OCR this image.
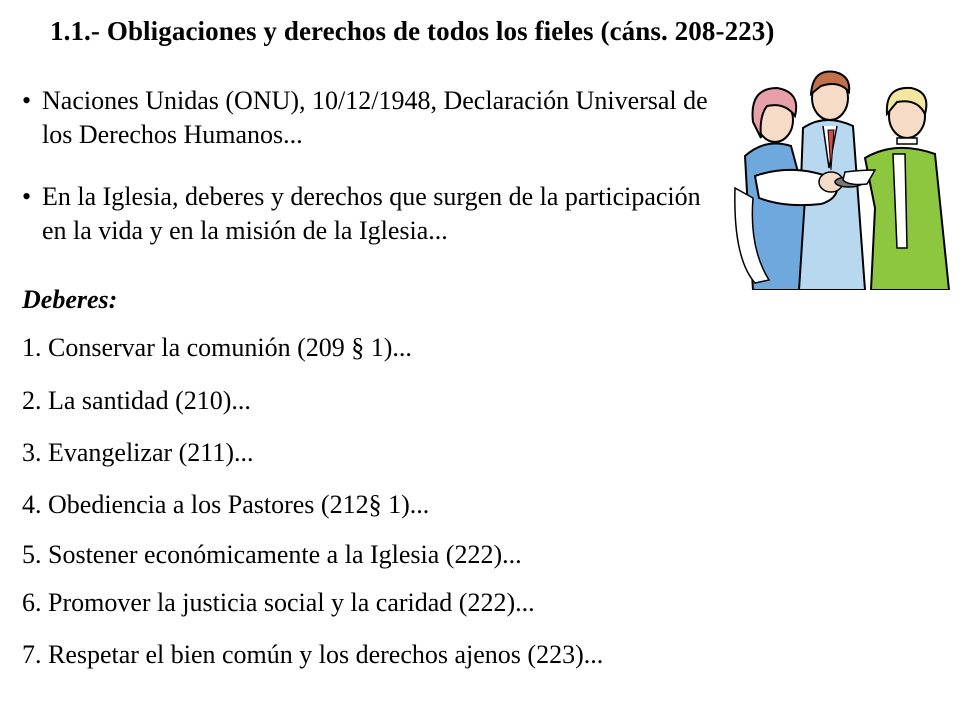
1.1.- Obligaciones y derechos de todos los fieles (cáns. 208-223)
• Naciones Unidas (ONU), 10/12/1948, Declaración Universal de los Derechos Humanos...
• En la Iglesia, deberes y derechos que surgen de la participación en la vida y en la misión de la Iglesia...
Deberes:
1. Conservar la comunión (209 § 1)...
2. La santidad (210)...
3. Evangelizar (211)...
4. Obediencia a los Pastores (212§ 1)...
5. Sostener económicamente a la Iglesia (222)...
6. Promover la justicia social y la caridad (222)...
7. Respetar el bien común y los derechos ajenos (223)...
